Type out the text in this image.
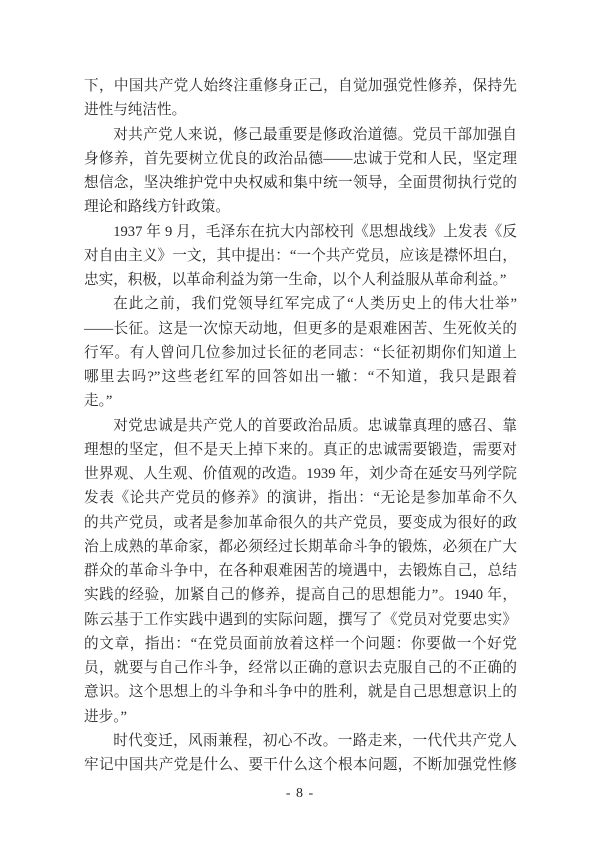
下，中国共产党人始终注重修身正己，自觉加强党性修养，保持先
进性与纯洁性。
对共产党人来说，修己最重要是修政治道德。党员干部加强自
身修养，首先要树立优良的政治品德——忠诚于党和人民，坚定理
想信念，坚决维护党中央权威和集中统一领导，全面贯彻执行党的
理论和路线方针政策。
1937 年 9 月，毛泽东在抗大内部校刊《思想战线》上发表《反
对自由主义》一文，其中提出：“一个共产党员，应该是襟怀坦白，
忠实，积极，以革命利益为第一生命，以个人利益服从革命利益。”
在此之前，我们党领导红军完成了“人类历史上的伟大壮举”
——长征。这是一次惊天动地，但更多的是艰难困苦、生死攸关的
行军。有人曾问几位参加过长征的老同志：“长征初期你们知道上
哪里去吗?”这些老红军的回答如出一辙：“不知道，我只是跟着
走。”
对党忠诚是共产党人的首要政治品质。忠诚靠真理的感召、靠
理想的坚定，但不是天上掉下来的。真正的忠诚需要锻造，需要对
世界观、人生观、价值观的改造。1939 年，刘少奇在延安马列学院
发表《论共产党员的修养》的演讲，指出：“无论是参加革命不久
的共产党员，或者是参加革命很久的共产党员，要变成为很好的政
治上成熟的革命家，都必须经过长期革命斗争的锻炼，必须在广大
群众的革命斗争中，在各种艰难困苦的境遇中，去锻炼自己，总结
实践的经验，加紧自己的修养，提高自己的思想能力”。1940 年，
陈云基于工作实践中遇到的实际问题，撰写了《党员对党要忠实》
的文章，指出：“在党员面前放着这样一个问题：你要做一个好党
员，就要与自己作斗争，经常以正确的意识去克服自己的不正确的
意识。这个思想上的斗争和斗争中的胜利，就是自己思想意识上的
进步。”
时代变迁，风雨兼程，初心不改。一路走来，一代代共产党人
牢记中国共产党是什么、要干什么这个根本问题，不断加强党性修
- 8 -
